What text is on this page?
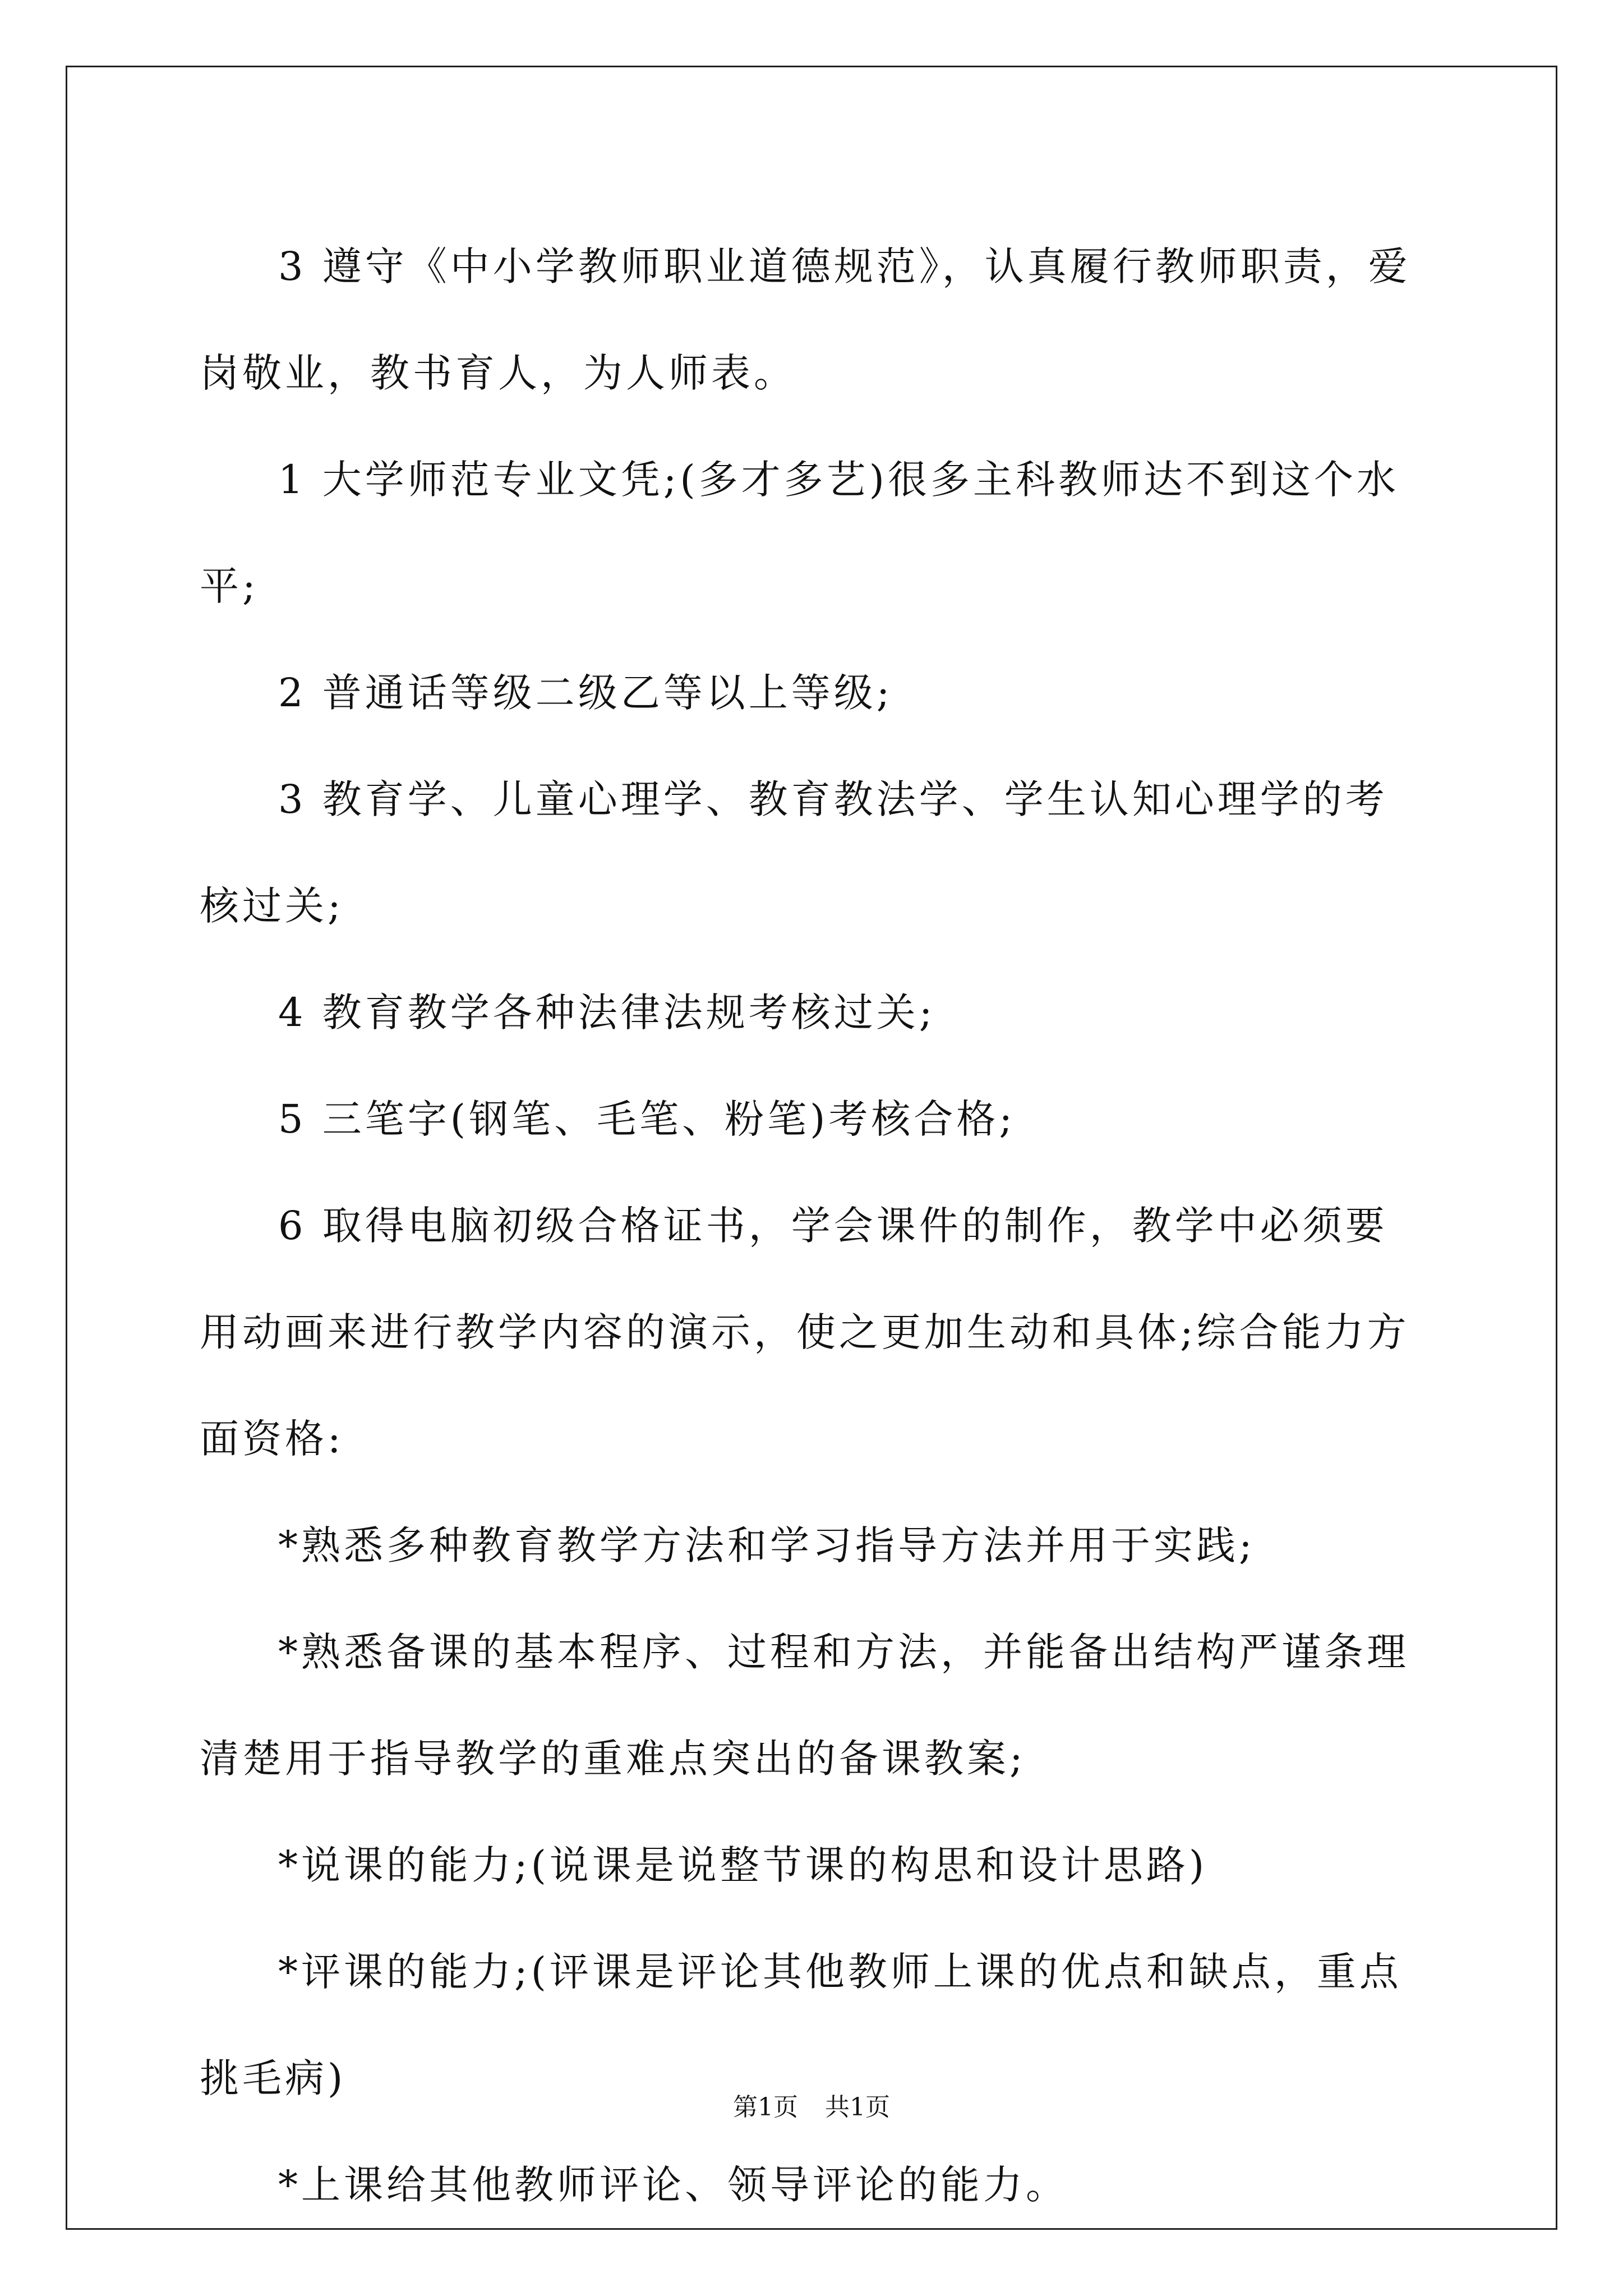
3 遵守《中小学教师职业道德规范》，认真履行教师职责，爱岗敬业，教书育人，为人师表。

1 大学师范专业文凭;(多才多艺)很多主科教师达不到这个水平;

2 普通话等级二级乙等以上等级;

3 教育学、儿童心理学、教育教法学、学生认知心理学的考核过关;

4 教育教学各种法律法规考核过关;

5 三笔字(钢笔、毛笔、粉笔)考核合格;

6 取得电脑初级合格证书，学会课件的制作，教学中必须要用动画来进行教学内容的演示，使之更加生动和具体;综合能力方面资格:

*熟悉多种教育教学方法和学习指导方法并用于实践;

*熟悉备课的基本程序、过程和方法，并能备出结构严谨条理清楚用于指导教学的重难点突出的备课教案;

*说课的能力;(说课是说整节课的构思和设计思路)

*评课的能力;(评课是评论其他教师上课的优点和缺点，重点挑毛病)

*上课给其他教师评论、领导评论的能力。

第1页 共1页
